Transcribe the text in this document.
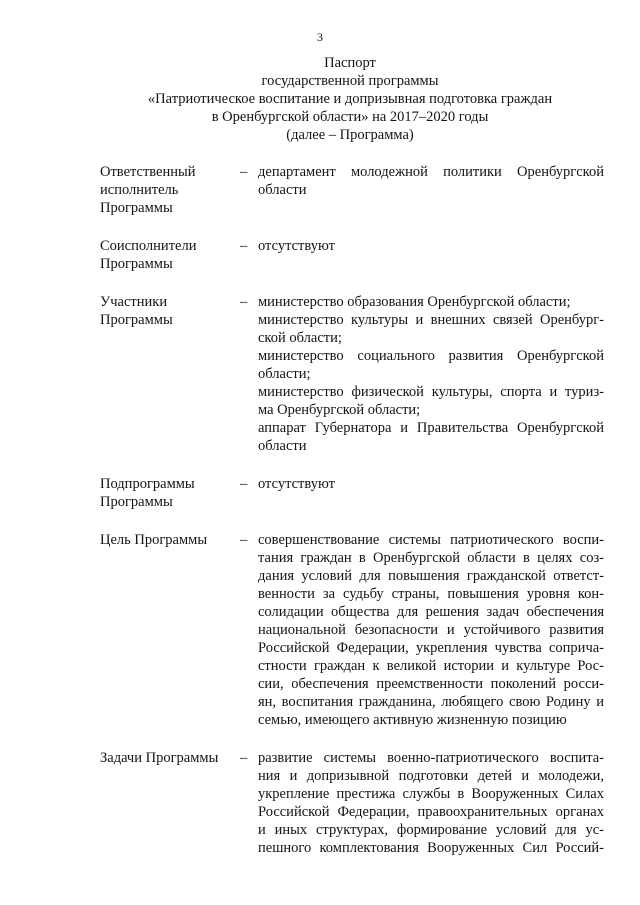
3
Паспорт
государственной программы
«Патриотическое воспитание и допризывная подготовка граждан
в Оренбургской области» на 2017–2020 годы
(далее – Программа)
Ответственный
исполнитель
Программы
– департамент молодежной политики Оренбургской
области
Соисполнители
Программы
– отсутствуют
Участники
Программы
– министерство образования Оренбургской области;
министерство культуры и внешних связей Оренбург-
ской области;
министерство социального развития Оренбургской
области;
министерство физической культуры, спорта и туриз-
ма Оренбургской области;
аппарат Губернатора и Правительства Оренбургской
области
Подпрограммы
Программы
– отсутствуют
Цель Программы	– совершенствование системы патриотического воспи-
тания граждан в Оренбургской области в целях соз-
дания условий для повышения гражданской ответст-
венности за судьбу страны, повышения уровня кон-
солидации общества для решения задач обеспечения
национальной безопасности и устойчивого развития
Российской Федерации, укрепления чувства соприча-
стности граждан к великой истории и культуре Рос-
сии, обеспечения преемственности поколений росси-
ян, воспитания гражданина, любящего свою Родину и
семью, имеющего активную жизненную позицию
Задачи Программы	– развитие системы военно-патриотического воспита-
ния и допризывной подготовки детей и молодежи,
укрепление престижа службы в Вооруженных Силах
Российской Федерации, правоохранительных органах
и иных структурах, формирование условий для ус-
пешного комплектования Вооруженных Сил Россий-
